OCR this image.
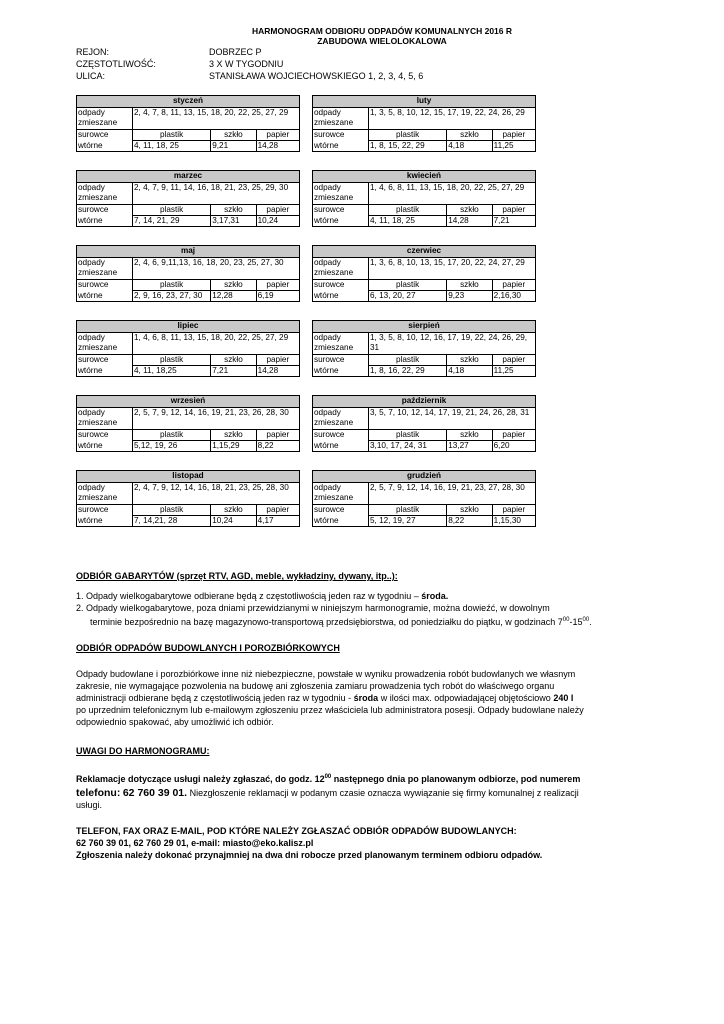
HARMONOGRAM ODBIORU ODPADÓW KOMUNALNYCH 2016 R
ZABUDOWA WIELOLOKALOWA
REJON:	DOBRZEC P
CZĘSTOTLIWOŚĆ:	3 X W TYGODNIU
ULICA:	STANISŁAWA WOJCIECHOWSKIEGO 1, 2, 3, 4, 5, 6
styczeń			
odpady zmieszane	2, 4, 7, 8, 11, 13, 15, 18, 20, 22, 25, 27, 29		
surowce	plastik	szkło	papier
wtórne	4, 11, 18, 25	9,21	14,28
luty			
odpady zmieszane	1, 3, 5, 8, 10, 12, 15, 17, 19, 22, 24, 26, 29		
surowce	plastik	szkło	papier
wtórne	1, 8, 15, 22, 29	4,18	11,25
marzec			
odpady zmieszane	2, 4, 7, 9, 11, 14, 16, 18, 21, 23, 25, 29, 30		
surowce	plastik	szkło	papier
wtórne	7, 14, 21, 29	3,17,31	10,24
kwiecień			
odpady zmieszane	1, 4, 6, 8, 11, 13, 15, 18, 20, 22, 25, 27, 29		
surowce	plastik	szkło	papier
wtórne	4, 11, 18, 25	14,28	7,21
maj			
odpady zmieszane	2, 4, 6, 9,11,13, 16, 18, 20, 23, 25, 27, 30		
surowce	plastik	szkło	papier
wtórne	2, 9, 16, 23, 27, 30	12,28	6,19
czerwiec			
odpady zmieszane	1, 3, 6, 8, 10, 13, 15, 17, 20, 22, 24, 27, 29		
surowce	plastik	szkło	papier
wtórne	6, 13, 20, 27	9,23	2,16,30
lipiec			
odpady zmieszane	1, 4, 6, 8, 11, 13, 15, 18, 20, 22, 25, 27, 29		
surowce	plastik	szkło	papier
wtórne	4, 11, 18,25	7,21	14,28
sierpień			
odpady zmieszane	1, 3, 5, 8, 10, 12, 16, 17, 19, 22, 24, 26, 29, 31		
surowce	plastik	szkło	papier
wtórne	1, 8, 16, 22, 29	4,18	11,25
wrzesień			
odpady zmieszane	2, 5, 7, 9, 12, 14, 16, 19, 21, 23, 26, 28, 30		
surowce	plastik	szkło	papier
wtórne	5,12, 19, 26	1,15,29	8,22
październik			
odpady zmieszane	3, 5, 7, 10, 12, 14, 17, 19, 21, 24, 26, 28, 31		
surowce	plastik	szkło	papier
wtórne	3,10, 17, 24, 31	13,27	6,20
listopad			
odpady zmieszane	2, 4, 7, 9, 12, 14, 16, 18, 21, 23, 25, 28, 30		
surowce	plastik	szkło	papier
wtórne	7, 14,21, 28	10,24	4,17
grudzień			
odpady zmieszane	2, 5, 7, 9, 12, 14, 16, 19, 21, 23, 27, 28, 30		
surowce	plastik	szkło	papier
wtórne	5, 12, 19, 27	8,22	1,15,30
ODBIÓR GABARYTÓW (sprzęt RTV, AGD, meble, wykładziny, dywany, itp..):
1. Odpady wielkogabarytowe odbierane będą z częstotliwością jeden raz w tygodniu – środa.
2. Odpady wielkogabarytowe, poza dniami przewidzianymi w niniejszym harmonogramie, można dowieźć, w dowolnym
terminie bezpośrednio na bazę magazynowo-transportową przedsiębiorstwa, od poniedziałku do piątku, w godzinach $7^{00}-15^{00}$.
ODBIÓR ODPADÓW BUDOWLANYCH I POROZBIÓRKOWYCH
Odpady budowlane i porozbiórkowe inne niż niebezpieczne, powstałe w wyniku prowadzenia robót budowlanych we własnym
zakresie, nie wymagające pozwolenia na budowę ani zgłoszenia zamiaru prowadzenia tych robót do właściwego organu
administracji odbierane będą z częstotliwością jeden raz w tygodniu - środa w ilości max. odpowiadającej objętościowo 240 l
po uprzednim telefonicznym lub e-mailowym zgłoszeniu przez właściciela lub administratora posesji. Odpady budowlane należy
odpowiednio spakować, aby umożliwić ich odbiór.
UWAGI DO HARMONOGRAMU:
Reklamacje dotyczące usługi należy zgłaszać, do godz. $12^{00}$ następnego dnia po planowanym odbiorze, pod numerem
telefonu: 62 760 39 01. Niezgłoszenie reklamacji w podanym czasie oznacza wywiązanie się firmy komunalnej z realizacji
usługi.
TELEFON, FAX ORAZ E-MAIL, POD KTÓRE NALEŻY ZGŁASZAĆ ODBIÓR ODPADÓW BUDOWLANYCH:
62 760 39 01, 62 760 29 01, e-mail: miasto@eko.kalisz.pl
Zgłoszenia należy dokonać przynajmniej na dwa dni robocze przed planowanym terminem odbioru odpadów.
